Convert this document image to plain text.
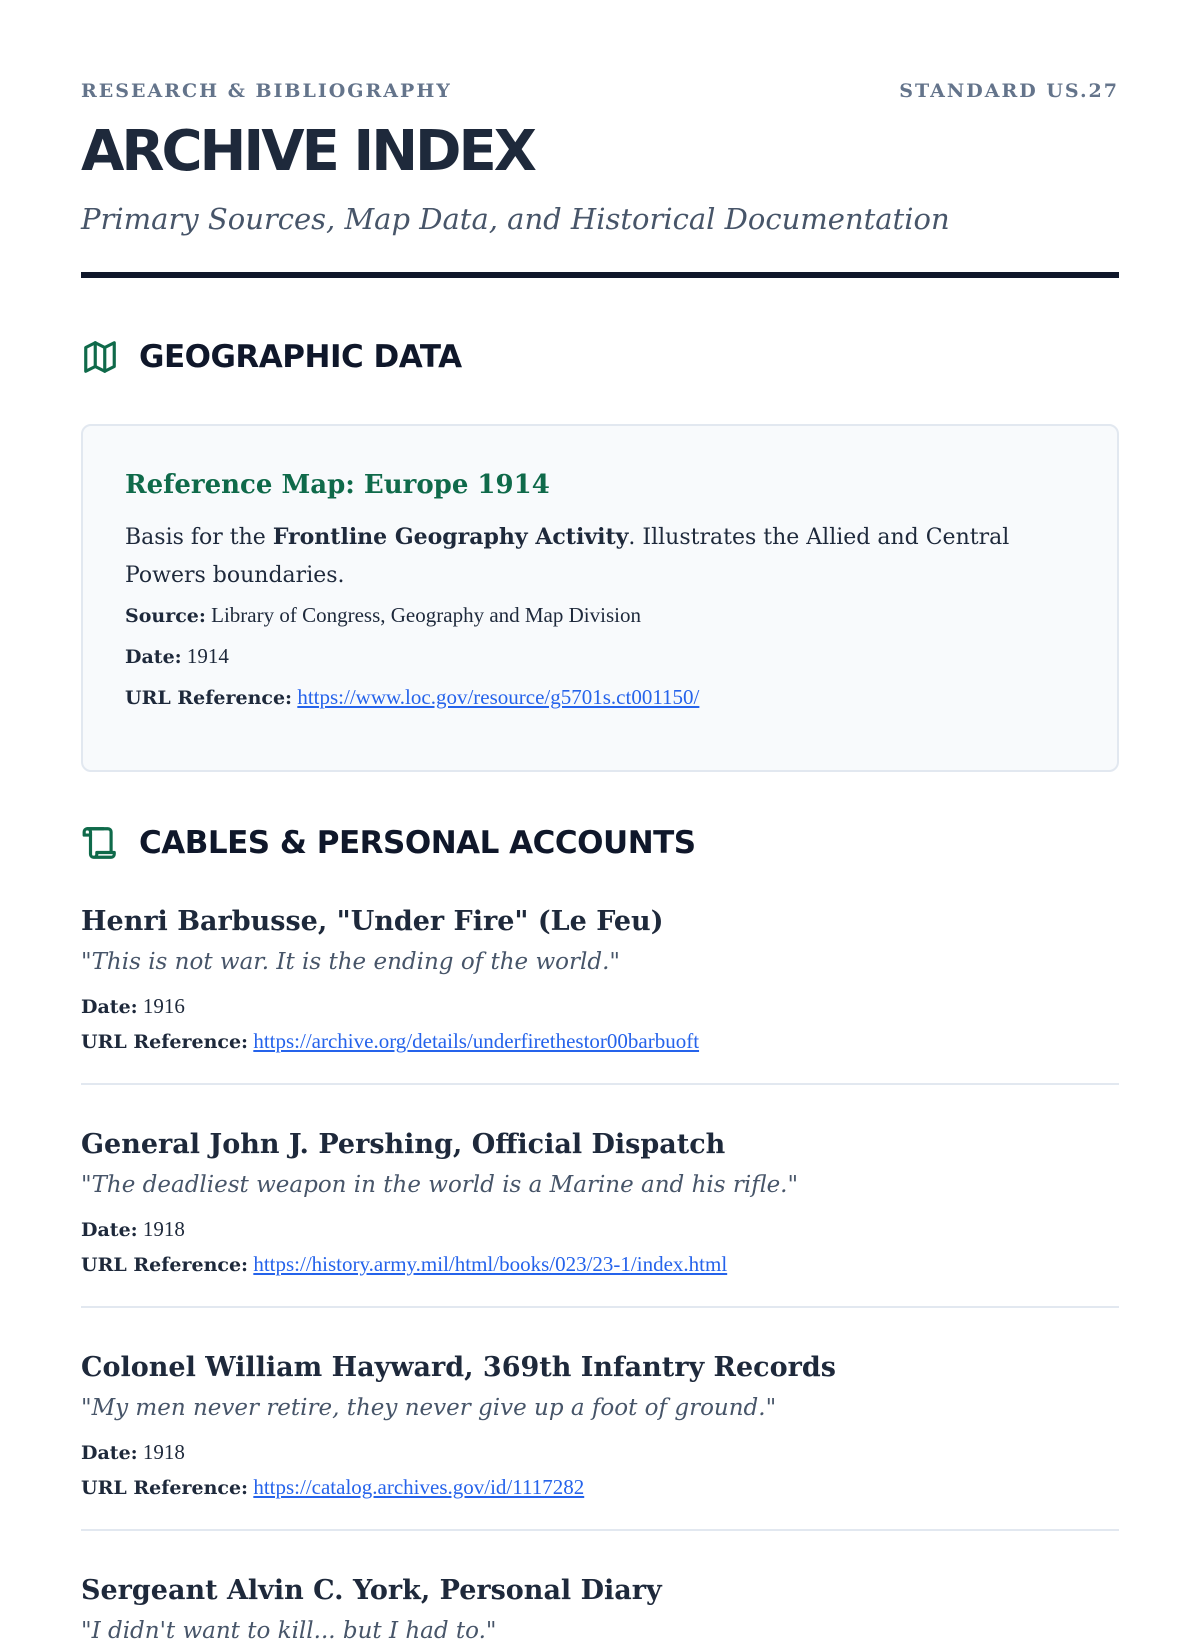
RESEARCH & BIBLIOGRAPHY	STANDARD US.27
ARCHIVE INDEX
Primary Sources, Map Data, and Historical Documentation
GEOGRAPHIC DATA
Reference Map: Europe 1914
Basis for the Frontline Geography Activity. Illustrates the Allied and Central Powers boundaries.
Source: Library of Congress, Geography and Map Division
Date: 1914
URL Reference: https://www.loc.gov/resource/g5701s.ct001150/
CABLES & PERSONAL ACCOUNTS
Henri Barbusse, "Under Fire" (Le Feu)
"This is not war. It is the ending of the world."
Date: 1916
URL Reference: https://archive.org/details/underfirethestor00barbuoft
General John J. Pershing, Official Dispatch
"The deadliest weapon in the world is a Marine and his rifle."
Date: 1918
URL Reference: https://history.army.mil/html/books/023/23-1/index.html
Colonel William Hayward, 369th Infantry Records
"My men never retire, they never give up a foot of ground."
Date: 1918
URL Reference: https://catalog.archives.gov/id/1117282
Sergeant Alvin C. York, Personal Diary
"I didn't want to kill... but I had to."
